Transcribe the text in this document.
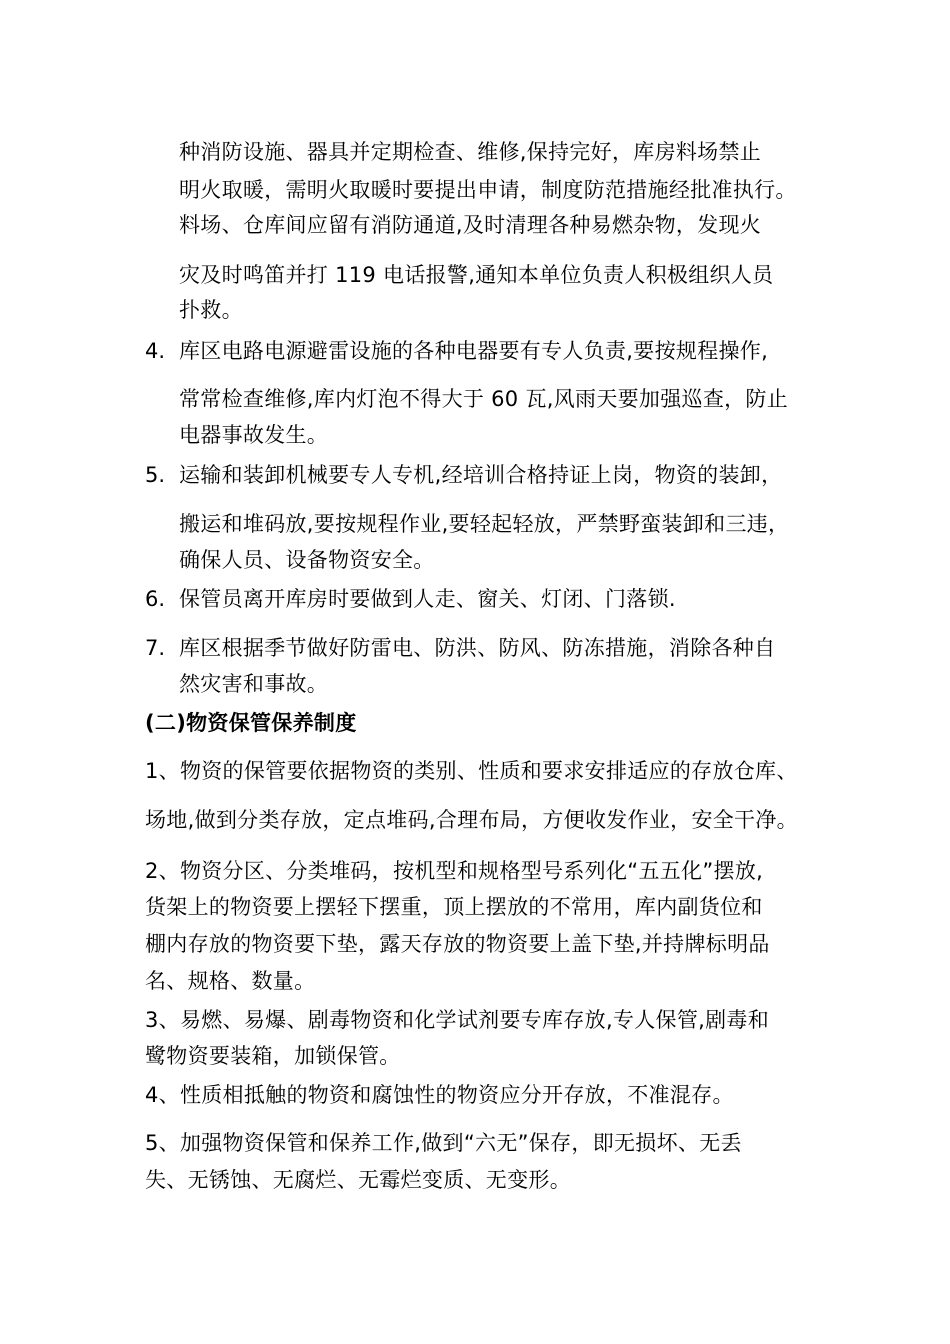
种消防设施、器具并定期检查、维修,保持完好，库房料场禁止
明火取暖，需明火取暖时要提出申请，制度防范措施经批准执行。
料场、仓库间应留有消防通道,及时清理各种易燃杂物，发现火
灾及时鸣笛并打 119 电话报警,通知本单位负责人积极组织人员
扑救。
4. 库区电路电源避雷设施的各种电器要有专人负责,要按规程操作,
常常检查维修,库内灯泡不得大于 60 瓦,风雨天要加强巡查，防止
电器事故发生。
5. 运输和装卸机械要专人专机,经培训合格持证上岗，物资的装卸，
搬运和堆码放,要按规程作业,要轻起轻放，严禁野蛮装卸和三违，
确保人员、设备物资安全。
6. 保管员离开库房时要做到人走、窗关、灯闭、门落锁.
7. 库区根据季节做好防雷电、防洪、防风、防冻措施，消除各种自
然灾害和事故。
(二)物资保管保养制度
1、物资的保管要依据物资的类别、性质和要求安排适应的存放仓库、
场地,做到分类存放，定点堆码,合理布局，方便收发作业，安全干净。
2、物资分区、分类堆码，按机型和规格型号系列化“五五化”摆放,
货架上的物资要上摆轻下摆重，顶上摆放的不常用，库内副货位和
棚内存放的物资要下垫，露天存放的物资要上盖下垫,并持牌标明品
名、规格、数量。
3、易燃、易爆、剧毒物资和化学试剂要专库存放,专人保管,剧毒和
鹭物资要装箱，加锁保管。
4、性质相抵触的物资和腐蚀性的物资应分开存放，不准混存。
5、加强物资保管和保养工作,做到“六无”保存，即无损坏、无丢
失、无锈蚀、无腐烂、无霉烂变质、无变形。
